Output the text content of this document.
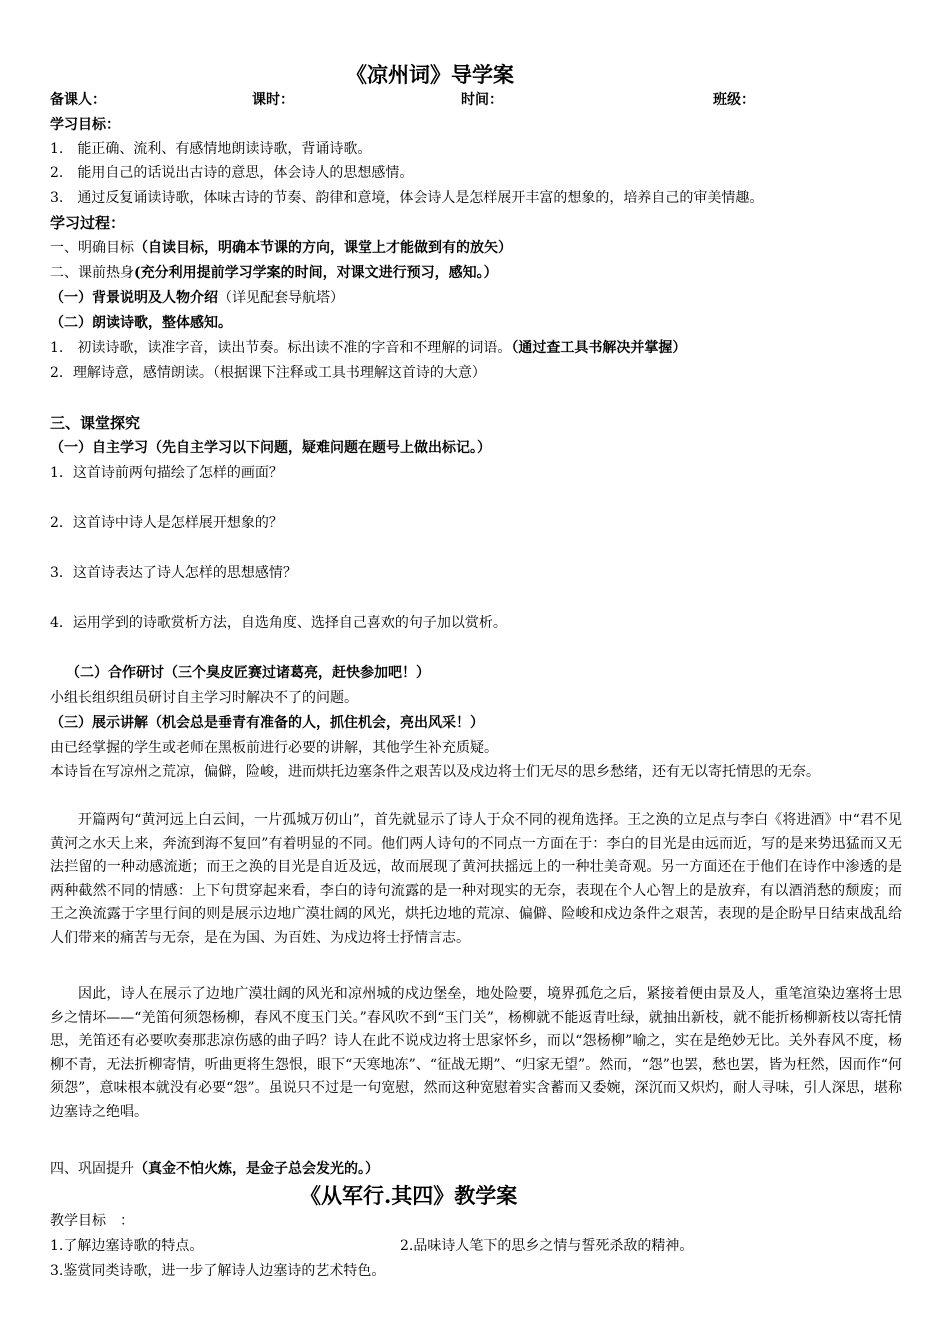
《凉州词》导学案
备课人：	课时：	时间：	班级：
学习目标：
1.　能正确、流利、有感情地朗读诗歌，背诵诗歌。
2.　能用自己的话说出古诗的意思，体会诗人的思想感情。
3.　通过反复诵读诗歌，体味古诗的节奏、韵律和意境，体会诗人是怎样展开丰富的想象的，培养自己的审美情趣。
学习过程：
一、明确目标（自读目标，明确本节课的方向，课堂上才能做到有的放矢）
二、课前热身(充分利用提前学习学案的时间，对课文进行预习，感知。）
（一）背景说明及人物介绍（详见配套导航塔）
（二）朗读诗歌，整体感知。
1.　初读诗歌，读准字音，读出节奏。标出读不准的字音和不理解的词语。（通过查工具书解决并掌握）
2．理解诗意，感情朗读。（根据课下注释或工具书理解这首诗的大意）
三、课堂探究
（一）自主学习（先自主学习以下问题，疑难问题在题号上做出标记。）
1．这首诗前两句描绘了怎样的画面？
2．这首诗中诗人是怎样展开想象的？
3．这首诗表达了诗人怎样的思想感情？
4．运用学到的诗歌赏析方法，自选角度、选择自己喜欢的句子加以赏析。
（二）合作研讨（三个臭皮匠赛过诸葛亮，赶快参加吧！）
小组长组织组员研讨自主学习时解决不了的问题。
（三）展示讲解（机会总是垂青有准备的人，抓住机会，亮出风采！）
由已经掌握的学生或老师在黑板前进行必要的讲解，其他学生补充质疑。
本诗旨在写凉州之荒凉，偏僻，险峻，进而烘托边塞条件之艰苦以及戍边将士们无尽的思乡愁绪，还有无以寄托情思的无奈。
开篇两句“黄河远上白云间，一片孤城万仞山”，首先就显示了诗人于众不同的视角选择。王之涣的立足点与李白《将进酒》中“君不见黄河之水天上来，奔流到海不复回”有着明显的不同。他们两人诗句的不同点一方面在于：李白的目光是由远而近，写的是来势迅猛而又无法拦留的一种动感流逝；而王之涣的目光是自近及远，故而展现了黄河扶摇远上的一种壮美奇观。另一方面还在于他们在诗作中渗透的是两种截然不同的情感：上下句贯穿起来看，李白的诗句流露的是一种对现实的无奈，表现在个人心智上的是放弃，有以酒消愁的颓废；而王之涣流露于字里行间的则是展示边地广漠壮阔的风光，烘托边地的荒凉、偏僻、险峻和戍边条件之艰苦，表现的是企盼早日结束战乱给人们带来的痛苦与无奈，是在为国、为百姓、为戍边将士抒情言志。
因此，诗人在展示了边地广漠壮阔的风光和凉州城的戍边堡垒，地处险要，境界孤危之后，紧接着便由景及人，重笔渲染边塞将士思乡之情坏——“羌笛何须怨杨柳，春风不度玉门关。”春风吹不到“玉门关”，杨柳就不能返青吐绿，就抽出新枝，就不能折杨柳新枝以寄托情思，羌笛还有必要吹奏那悲凉伤感的曲子吗？诗人在此不说戍边将士思家怀乡，而以“怨杨柳”喻之，实在是绝妙无比。关外春风不度，杨柳不青，无法折柳寄情，听曲更将生怨恨，眼下“天寒地冻”、“征战无期”、“归家无望”。然而，“怨”也罢，愁也罢，皆为枉然，因而作“何须怨”，意味根本就没有必要“怨”。虽说只不过是一句宽慰，然而这种宽慰着实含蓄而又委婉，深沉而又炽灼，耐人寻味，引人深思，堪称边塞诗之绝唱。
四、巩固提升（真金不怕火炼，是金子总会发光的。）
《从军行.其四》教学案
教学目标　：
1.了解边塞诗歌的特点。	2.品味诗人笔下的思乡之情与誓死杀敌的精神。
3.鉴赏同类诗歌，进一步了解诗人边塞诗的艺术特色。
